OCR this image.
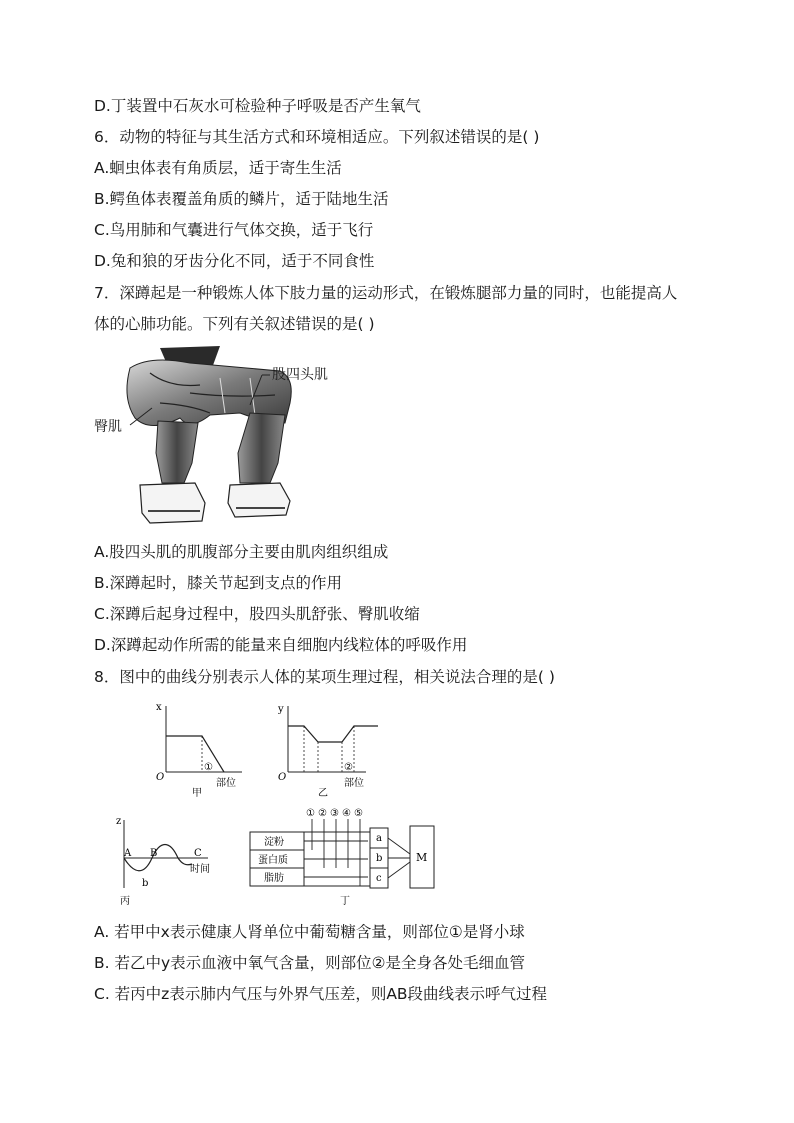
D.丁装置中石灰水可检验种子呼吸是否产生氧气
6．动物的特征与其生活方式和环境相适应。下列叙述错误的是( )
A.蛔虫体表有角质层，适于寄生生活
B.鳄鱼体表覆盖角质的鳞片，适于陆地生活
C.鸟用肺和气囊进行气体交换，适于飞行
D.兔和狼的牙齿分化不同，适于不同食性
7．深蹲起是一种锻炼人体下肢力量的运动形式，在锻炼腿部力量的同时，也能提高人
体的心肺功能。下列有关叙述错误的是( )
股四头肌
臀肌
A.股四头肌的肌腹部分主要由肌肉组织组成
B.深蹲起时，膝关节起到支点的作用
C.深蹲后起身过程中，股四头肌舒张、臀肌收缩
D.深蹲起动作所需的能量来自细胞内线粒体的呼吸作用
8．图中的曲线分别表示人体的某项生理过程，相关说法合理的是( )
x
O
①
部位
甲
y
O
②
部位
乙
z
A B	C
b
时间
丙
① ② ③ ④ ⑤
淀粉
蛋白质
脂肪
a
b
c
M
丁
A. 若甲中x表示健康人肾单位中葡萄糖含量，则部位①是肾小球
B. 若乙中y表示血液中氧气含量，则部位②是全身各处毛细血管
C. 若丙中z表示肺内气压与外界气压差，则AB段曲线表示呼气过程
